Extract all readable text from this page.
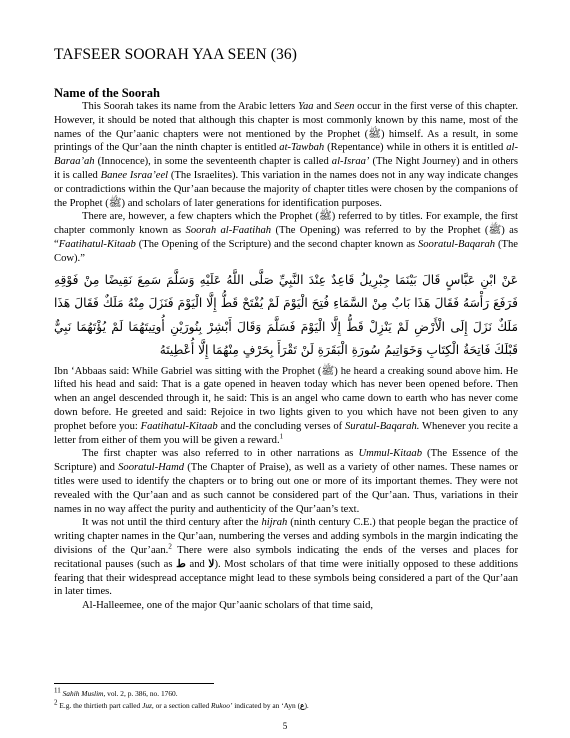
TAFSEER SOORAH YAA SEEN (36)
Name of the Soorah

This Soorah takes its name from the Arabic letters Yaa and Seen occur in the first verse of this chapter. However, it should be noted that although this chapter is most commonly known by this name, most of the names of the Qur’aanic chapters were not mentioned by the Prophet (ﷺ) himself. As a result, in some printings of the Qur’aan the ninth chapter is entitled at-Tawbah (Repentance) while in others it is entitled al-Baraa’ah (Innocence), in some the seventeenth chapter is called al-Israa’ (The Night Journey) and in others it is called Banee Israa’eel (The Israelites). This variation in the names does not in any way indicate changes or contradictions within the Qur’aan because the majority of chapter titles were chosen by the companions of the Prophet (ﷺ) and scholars of later generations for identification purposes.

There are, however, a few chapters which the Prophet (ﷺ) referred to by titles. For example, the first chapter commonly known as Soorah al-Faatihah (The Opening) was referred to by the Prophet (ﷺ) as “Faatihatul-Kitaab (The Opening of the Scripture) and the second chapter known as Sooratul-Baqarah (The Cow).”

عَنْ ابْنِ عَبَّاسٍ قَالَ بَيْنَمَا جِبْرِيلُ قَاعِدٌ عِنْدَ النَّبِيِّ صَلَّى اللَّهُ عَلَيْهِ وَسَلَّمَ سَمِعَ نَقِيضًا مِنْ فَوْقِهِ فَرَفَعَ رَأْسَهُ فَقَالَ هَذَا بَابٌ مِنْ السَّمَاءِ فُتِحَ الْيَوْمَ لَمْ يُفْتَحْ قَطُّ إِلَّا الْيَوْمَ فَنَزَلَ مِنْهُ مَلَكٌ فَقَالَ هَذَا مَلَكٌ نَزَلَ إِلَى الْأَرْضِ لَمْ يَنْزِلْ قَطُّ إِلَّا الْيَوْمَ فَسَلَّمَ وَقَالَ أَبْشِرْ بِنُورَيْنِ أُوتِيتَهُمَا لَمْ يُؤْتَهُمَا نَبِيٌّ قَبْلَكَ فَاتِحَةُ الْكِتَابِ وَخَوَاتِيمُ سُورَةِ الْبَقَرَةِ لَنْ تَقْرَأَ بِحَرْفٍ مِنْهُمَا إِلَّا أُعْطِيتَهُ

Ibn ‘Abbaas said: While Gabriel was sitting with the Prophet (ﷺ) he heard a creaking sound above him. He lifted his head and said: That is a gate opened in heaven today which has never been opened before. Then when an angel descended through it, he said: This is an angel who came down to earth who has never come down before. He greeted and said: Rejoice in two lights given to you which have not been given to any prophet before you: Faatihatul-Kitaab and the concluding verses of Suratul-Baqarah. Whenever you recite a letter from either of them you will be given a reward.$^1$

The first chapter was also referred to in other narrations as Ummul-Kitaab (The Essence of the Scripture) and Sooratul-Hamd (The Chapter of Praise), as well as a variety of other names. These names or titles were used to identify the chapters or to bring out one or more of its important themes. They were not revealed with the Qur’aan and as such cannot be considered part of the Qur’aan. Thus, variations in their names in no way affect the purity and authenticity of the Qur’aan’s text.

It was not until the third century after the hijrah (ninth century C.E.) that people began the practice of writing chapter names in the Qur’aan, numbering the verses and adding symbols in the margin indicating the divisions of the Qur’aan.$^2$ There were also symbols indicating the ends of the verses and places for recitational pauses (such as ط and لا). Most scholars of that time were initially opposed to these additions fearing that their widespread acceptance might lead to these symbols being considered a part of the Qur’aan in later times.

Al-Halleemee, one of the major Qur’aanic scholars of that time said,

$^{11}$ Sahih Muslim, vol. 2, p. 386, no. 1760.
$^2$ E.g. the thirtieth part called Juz, or a section called Rukoo’ indicated by an ‘Ayn (ع).
5
